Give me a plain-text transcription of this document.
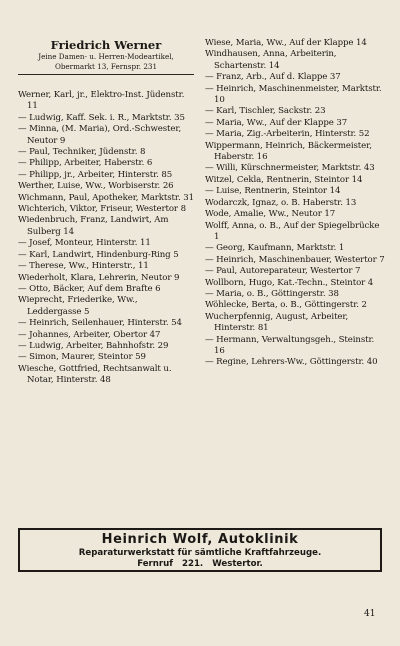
Friedrich Werner
Jeine Damen- u. Herren-Modeartikel,
Obermarkt 13, Fernspr. 231
Werner, Karl, jr., Elektro-Inst. Jüdenstr. 11
— Ludwig, Kaff. Sek. i. R., Marktstr. 35
— Minna, (M. Maria), Ord.-Schwester, Neutor 9
— Paul, Techniker, Jüdenstr. 8
— Philipp, Arbeiter, Haberstr. 6
— Philipp, jr., Arbeiter, Hinterstr. 85
Werther, Luise, Ww., Worbiserstr. 26
Wichmann, Paul, Apotheker, Marktstr. 31
Wichterich, Viktor, Friseur, Westertor 8
Wiedenbruch, Franz, Landwirt, Am Sulberg 14
— Josef, Monteur, Hinterstr. 11
— Karl, Landwirt, Hindenburg-Ring 5
— Therese, Ww., Hinterstr., 11
Wiederholt, Klara, Lehrerin, Neutor 9
— Otto, Bäcker, Auf dem Brafte 6
Wieprecht, Friederike, Ww., Leddergasse 5
— Heinrich, Seilenhauer, Hinterstr. 54
— Johannes, Arbeiter, Obertor 47
— Ludwig, Arbeiter, Bahnhofstr. 29
— Simon, Maurer, Steintor 59
Wiesche, Gottfried, Rechtsanwalt u. Notar, Hinterstr. 48
Wiese, Maria, Ww., Auf der Klappe 14
Windhausen, Anna, Arbeiterin, Schartenstr. 14
— Franz, Arb., Auf d. Klappe 37
— Heinrich, Maschinenmeister, Marktstr. 10
— Karl, Tischler, Sackstr. 23
— Maria, Ww., Auf der Klappe 37
— Maria, Zig.-Arbeiterin, Hinterstr. 52
Wippermann, Heinrich, Bäckermeister, Haberstr. 16
— Willi, Kürschnermeister, Marktstr. 43
Witzel, Cekla, Rentnerin, Steintor 14
— Luise, Rentnerin, Steintor 14
Wodarczk, Ignaz, o. B. Haberstr. 13
Wode, Amalie, Ww., Neutor 17
Wolff, Anna, o. B., Auf der Spiegelbrücke 1
— Georg, Kaufmann, Marktstr. 1
— Heinrich, Maschinenbauer, Westertor 7
— Paul, Autoreparateur, Westertor 7
Wollborn, Hugo, Kat.-Techn., Steintor 4
— Maria, o. B., Göttingerstr. 38
Wöhlecke, Berta, o. B., Göttingerstr. 2
Wucherpfennig, August, Arbeiter, Hinterstr. 81
— Hermann, Verwaltungsgeh., Steinstr. 16
— Regine, Lehrers-Ww., Göttingerstr. 40
Heinrich Wolf, Autoklinik
Reparaturwerkstatt für sämtliche Kraftfahrzeuge.
Fernruf 221. Westertor.
41
